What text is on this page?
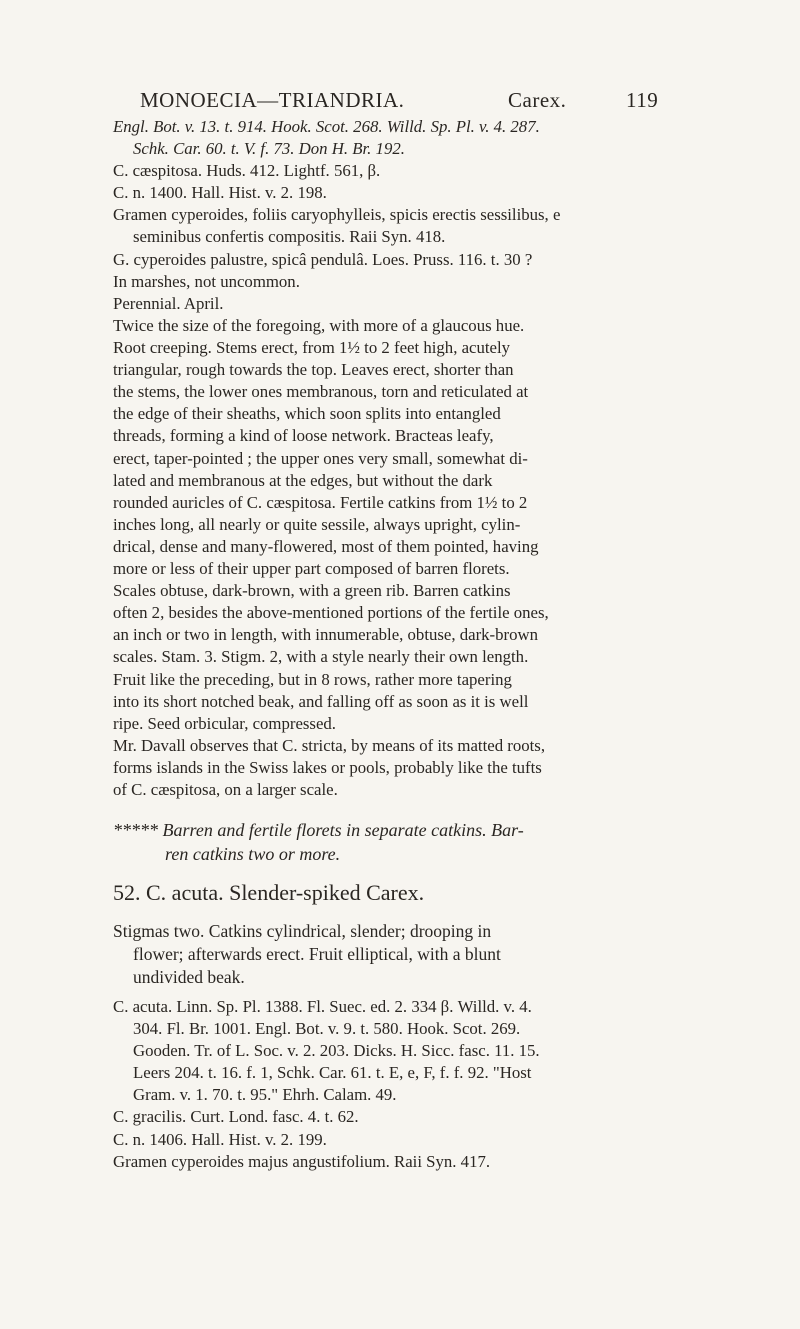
MONOECIA—TRIANDRIA.	Carex.	119
Engl. Bot. v. 13. t. 914. Hook. Scot. 268. Willd. Sp. Pl. v. 4. 287.
Schk. Car. 60. t. V. f. 73. Don H. Br. 192.
C. cæspitosa. Huds. 412. Lightf. 561, β.
C. n. 1400. Hall. Hist. v. 2. 198.
Gramen cyperoides, foliis caryophylleis, spicis erectis sessilibus, e
seminibus confertis compositis. Raii Syn. 418.
G. cyperoides palustre, spicâ pendulâ. Loes. Pruss. 116. t. 30 ?
In marshes, not uncommon.
Perennial. April.
Twice the size of the foregoing, with more of a glaucous hue.
Root creeping. Stems erect, from 1½ to 2 feet high, acutely
triangular, rough towards the top. Leaves erect, shorter than
the stems, the lower ones membranous, torn and reticulated at
the edge of their sheaths, which soon splits into entangled
threads, forming a kind of loose network. Bracteas leafy,
erect, taper-pointed ; the upper ones very small, somewhat di-
lated and membranous at the edges, but without the dark
rounded auricles of C. cæspitosa. Fertile catkins from 1½ to 2
inches long, all nearly or quite sessile, always upright, cylin-
drical, dense and many-flowered, most of them pointed, having
more or less of their upper part composed of barren florets.
Scales obtuse, dark-brown, with a green rib. Barren catkins
often 2, besides the above-mentioned portions of the fertile ones,
an inch or two in length, with innumerable, obtuse, dark-brown
scales. Stam. 3. Stigm. 2, with a style nearly their own length.
Fruit like the preceding, but in 8 rows, rather more tapering
into its short notched beak, and falling off as soon as it is well
ripe. Seed orbicular, compressed.
Mr. Davall observes that C. stricta, by means of its matted roots,
forms islands in the Swiss lakes or pools, probably like the tufts
of C. cæspitosa, on a larger scale.
***** Barren and fertile florets in separate catkins. Bar-
ren catkins two or more.
52. C. acuta. Slender-spiked Carex.
Stigmas two. Catkins cylindrical, slender; drooping in
flower; afterwards erect. Fruit elliptical, with a blunt
undivided beak.
C. acuta. Linn. Sp. Pl. 1388. Fl. Suec. ed. 2. 334 β. Willd. v. 4.
304. Fl. Br. 1001. Engl. Bot. v. 9. t. 580. Hook. Scot. 269.
Gooden. Tr. of L. Soc. v. 2. 203. Dicks. H. Sicc. fasc. 11. 15.
Leers 204. t. 16. f. 1, Schk. Car. 61. t. E, e, F, f. f. 92. "Host
Gram. v. 1. 70. t. 95." Ehrh. Calam. 49.
C. gracilis. Curt. Lond. fasc. 4. t. 62.
C. n. 1406. Hall. Hist. v. 2. 199.
Gramen cyperoides majus angustifolium. Raii Syn. 417.
